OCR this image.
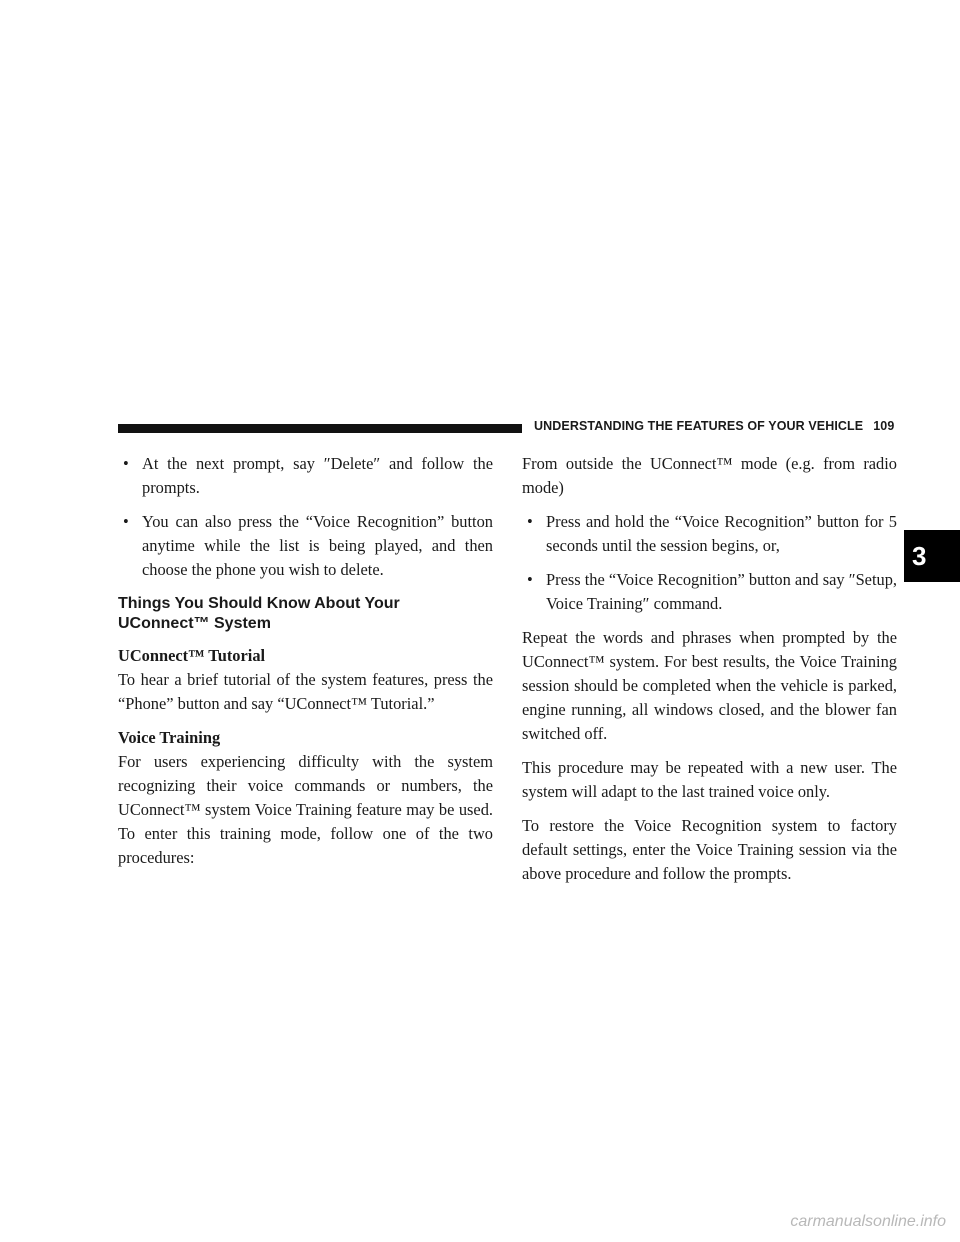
UNDERSTANDING THE FEATURES OF YOUR VEHICLE 109
• At the next prompt, say ″Delete″ and follow the prompts.
• You can also press the “Voice Recognition” button anytime while the list is being played, and then choose the phone you wish to delete.
Things You Should Know About Your UConnect™ System
UConnect™ Tutorial

To hear a brief tutorial of the system features, press the “Phone” button and say “UConnect™ Tutorial.”

Voice Training

For users experiencing difficulty with the system recognizing their voice commands or numbers, the UConnect™ system Voice Training feature may be used. To enter this training mode, follow one of the two procedures:

From outside the UConnect™ mode (e.g. from radio mode)

• Press and hold the “Voice Recognition” button for 5 seconds until the session begins, or,
• Press the “Voice Recognition” button and say ″Setup, Voice Training″ command.

Repeat the words and phrases when prompted by the UConnect™ system. For best results, the Voice Training session should be completed when the vehicle is parked, engine running, all windows closed, and the blower fan switched off.

This procedure may be repeated with a new user. The system will adapt to the last trained voice only.

To restore the Voice Recognition system to factory default settings, enter the Voice Training session via the above procedure and follow the prompts.

3
carmanualsonline.info
